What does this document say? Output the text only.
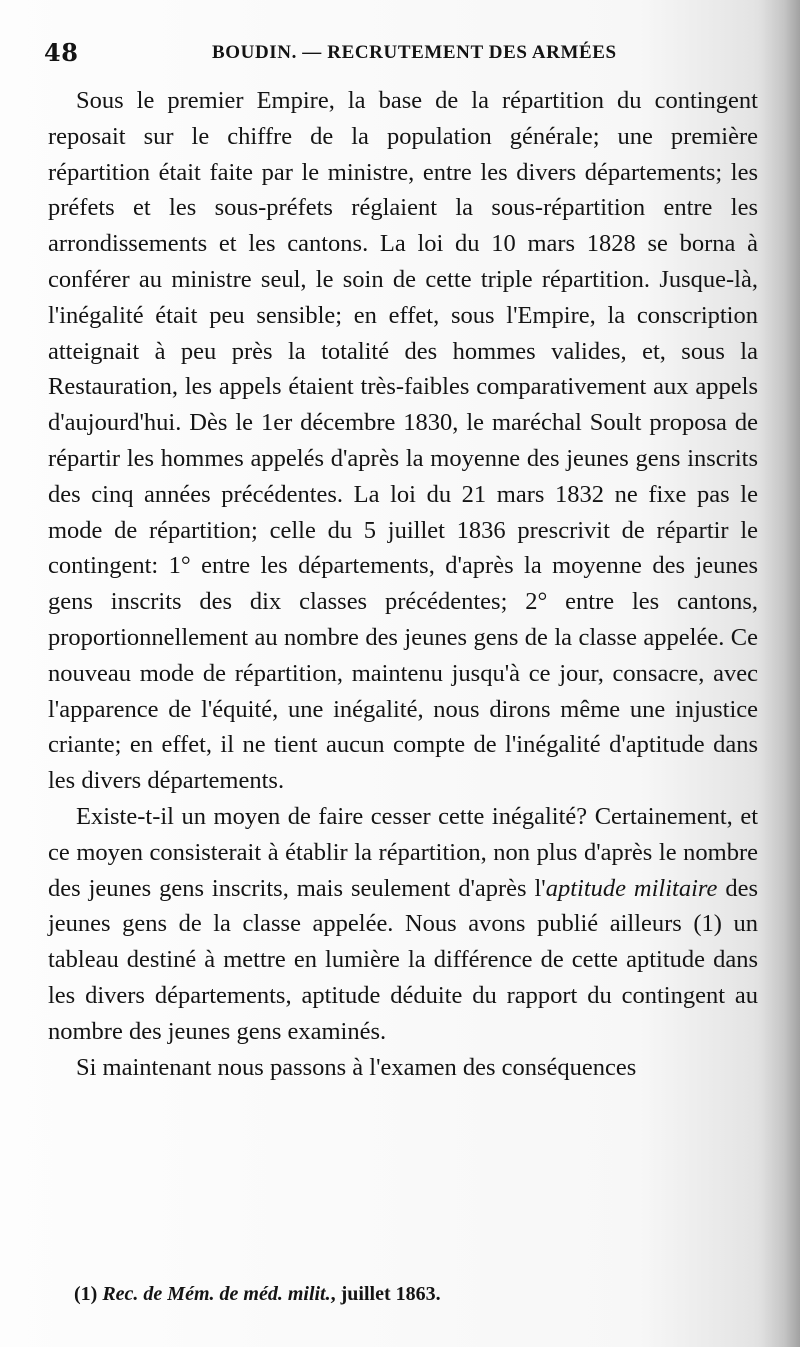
48	BOUDIN. — RECRUTEMENT DES ARMÉES

Sous le premier Empire, la base de la répartition du contingent reposait sur le chiffre de la population générale; une première répartition était faite par le ministre, entre les divers départements; les préfets et les sous-préfets réglaient la sous-répartition entre les arrondissements et les cantons. La loi du 10 mars 1828 se borna à conférer au ministre seul, le soin de cette triple répartition. Jusque-là, l'inégalité était peu sensible; en effet, sous l'Empire, la conscription atteignait à peu près la totalité des hommes valides, et, sous la Restauration, les appels étaient très-faibles comparativement aux appels d'aujourd'hui. Dès le 1er décembre 1830, le maréchal Soult proposa de répartir les hommes appelés d'après la moyenne des jeunes gens inscrits des cinq années précédentes. La loi du 21 mars 1832 ne fixe pas le mode de répartition; celle du 5 juillet 1836 prescrivit de répartir le contingent: 1° entre les départements, d'après la moyenne des jeunes gens inscrits des dix classes précédentes; 2° entre les cantons, proportionnellement au nombre des jeunes gens de la classe appelée. Ce nouveau mode de répartition, maintenu jusqu'à ce jour, consacre, avec l'apparence de l'équité, une inégalité, nous dirons même une injustice criante; en effet, il ne tient aucun compte de l'inégalité d'aptitude dans les divers départements.

Existe-t-il un moyen de faire cesser cette inégalité? Certainement, et ce moyen consisterait à établir la répartition, non plus d'après le nombre des jeunes gens inscrits, mais seulement d'après l'aptitude militaire des jeunes gens de la classe appelée. Nous avons publié ailleurs (1) un tableau destiné à mettre en lumière la différence de cette aptitude dans les divers départements, aptitude déduite du rapport du contingent au nombre des jeunes gens examinés.

Si maintenant nous passons à l'examen des conséquences

(1) Rec. de Mém. de méd. milit., juillet 1863.
